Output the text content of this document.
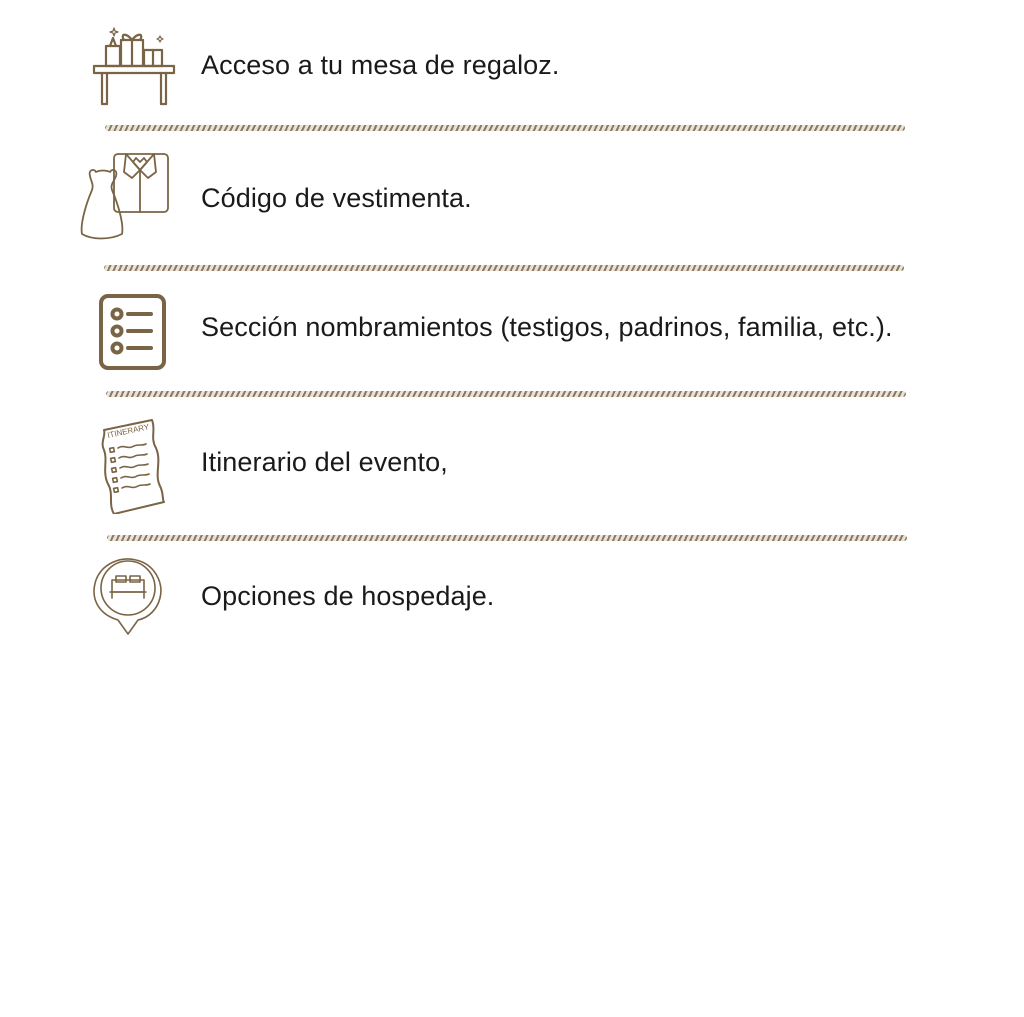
Acceso a tu mesa de regaloz.
Código de vestimenta.
Sección nombramientos (testigos, padrinos, familia, etc.).
ITINERARY
Itinerario del evento,
Opciones de hospedaje.
